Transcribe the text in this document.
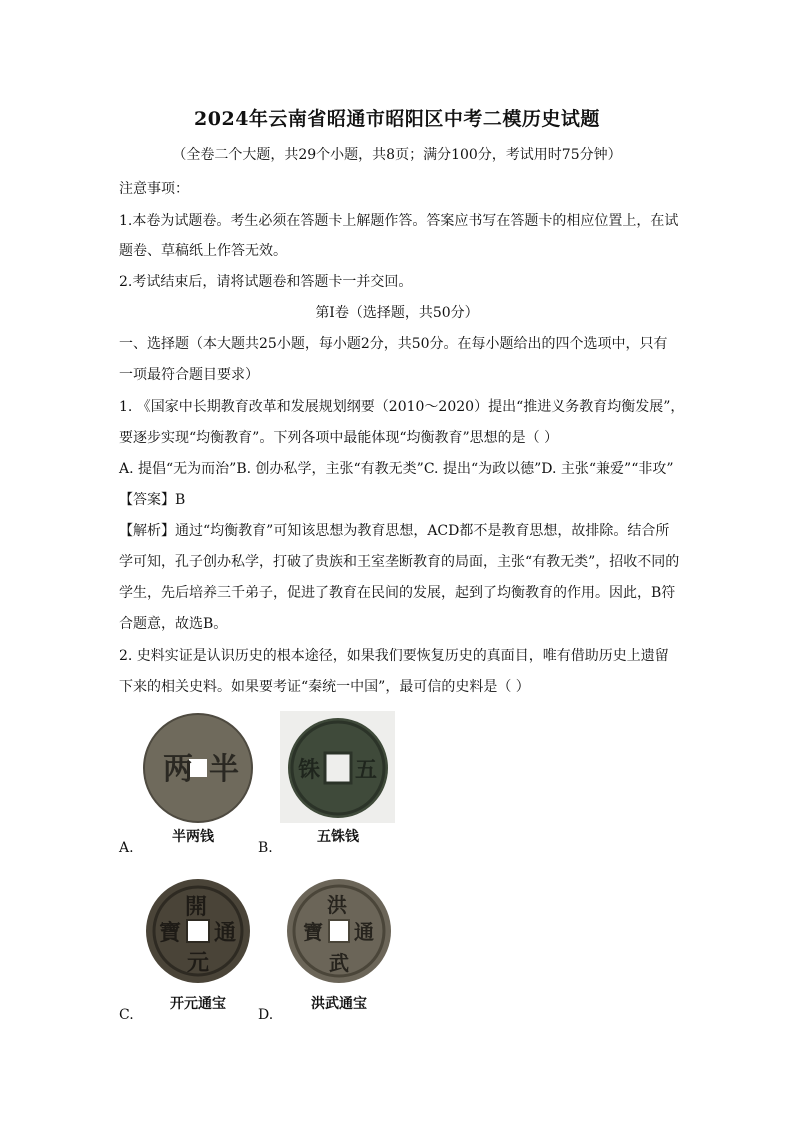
2024年云南省昭通市昭阳区中考二模历史试题
（全卷二个大题，共29个小题，共8页；满分100分，考试用时75分钟）
注意事项：
1.本卷为试题卷。考生必须在答题卡上解题作答。答案应书写在答题卡的相应位置上，在试
题卷、草稿纸上作答无效。
2.考试结束后，请将试题卷和答题卡一并交回。
第Ⅰ卷（选择题，共50分）
一、选择题（本大题共25小题，每小题2分，共50分。在每小题给出的四个选项中，只有
一项最符合题目要求）
1. 《国家中长期教育改革和发展规划纲要（2010～2020）提出“推进义务教育均衡发展”，
要逐步实现“均衡教育”。下列各项中最能体现“均衡教育”思想的是（ ）
A. 提倡“无为而治”B. 创办私学，主张“有教无类”C. 提出“为政以德”D. 主张“兼爱”“非攻”
【答案】B
【解析】通过“均衡教育”可知该思想为教育思想，ACD都不是教育思想，故排除。结合所
学可知，孔子创办私学，打破了贵族和王室垄断教育的局面，主张“有教无类”，招收不同的
学生，先后培养三千弟子，促进了教育在民间的发展，起到了均衡教育的作用。因此，B符
合题意，故选B。
2. 史料实证是认识历史的根本途径，如果我们要恢复历史的真面目，唯有借助历史上遗留
下来的相关史料。如果要考证“秦统一中国”，最可信的史料是（ ）
两 半
半两钱
A.
铢 五
五铢钱
B.
開
元
通
寶
开元通宝
C.
洪
武
通
寶
洪武通宝
D.
